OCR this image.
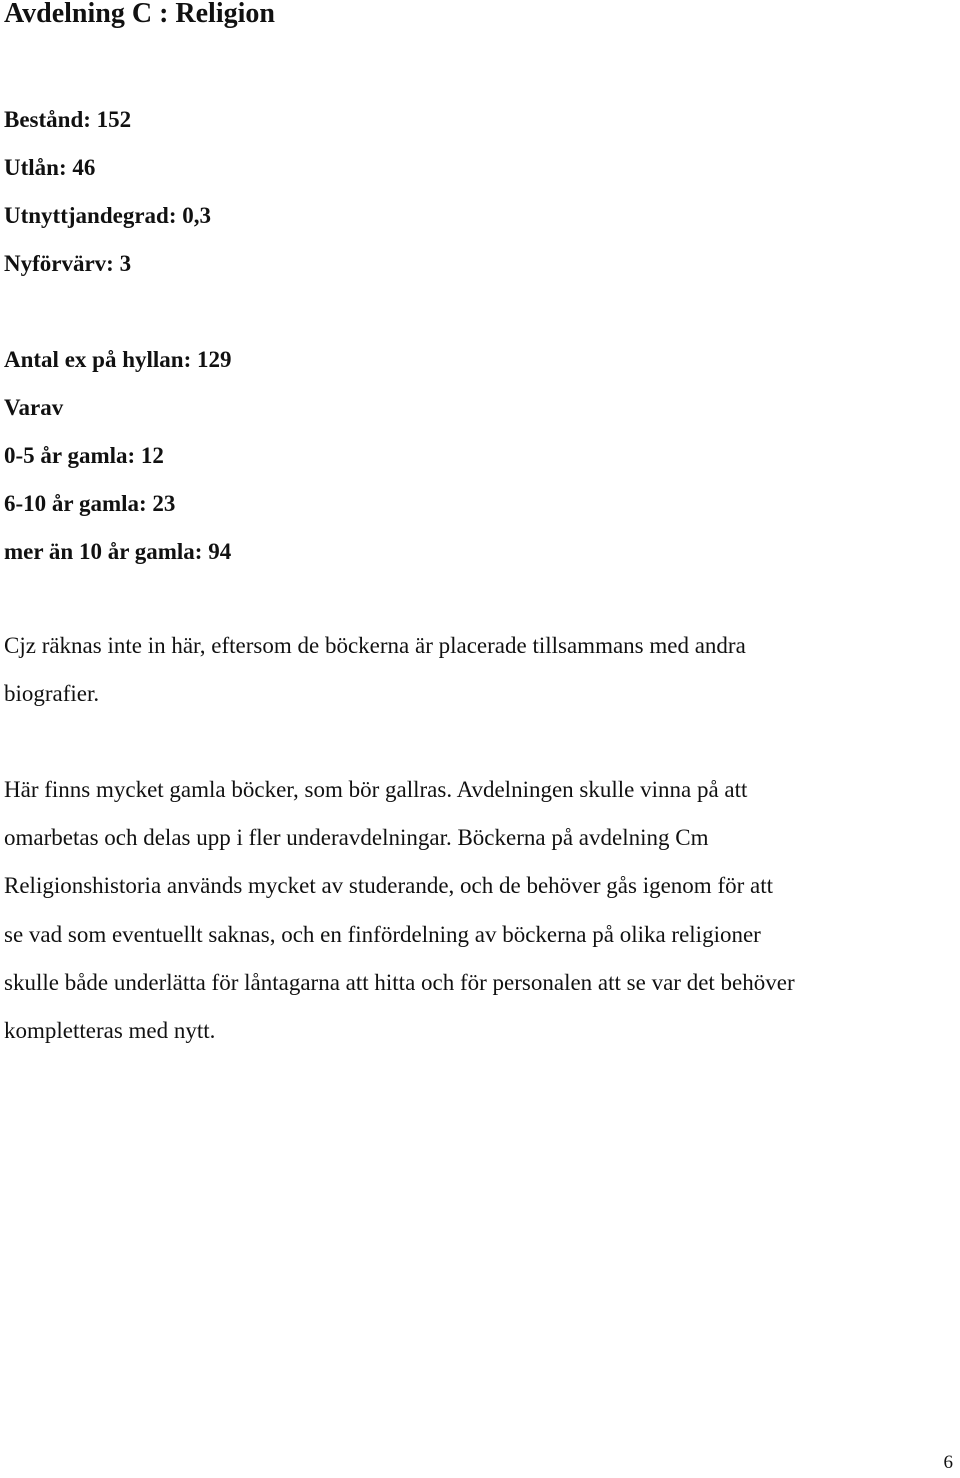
Avdelning C : Religion
Bestånd: 152
Utlån: 46
Utnyttjandegrad: 0,3
Nyförvärv: 3
Antal ex på hyllan: 129
Varav
0-5 år gamla: 12
6-10 år gamla: 23
mer än 10 år gamla: 94

Cjz räknas inte in här, eftersom de böckerna är placerade tillsammans med andra
biografier.

Här finns mycket gamla böcker, som bör gallras. Avdelningen skulle vinna på att
omarbetas och delas upp i fler underavdelningar. Böckerna på avdelning Cm
Religionshistoria används mycket av studerande, och de behöver gås igenom för att
se vad som eventuellt saknas, och en finfördelning av böckerna på olika religioner
skulle både underlätta för låntagarna att hitta och för personalen att se var det behöver
kompletteras med nytt.

6
